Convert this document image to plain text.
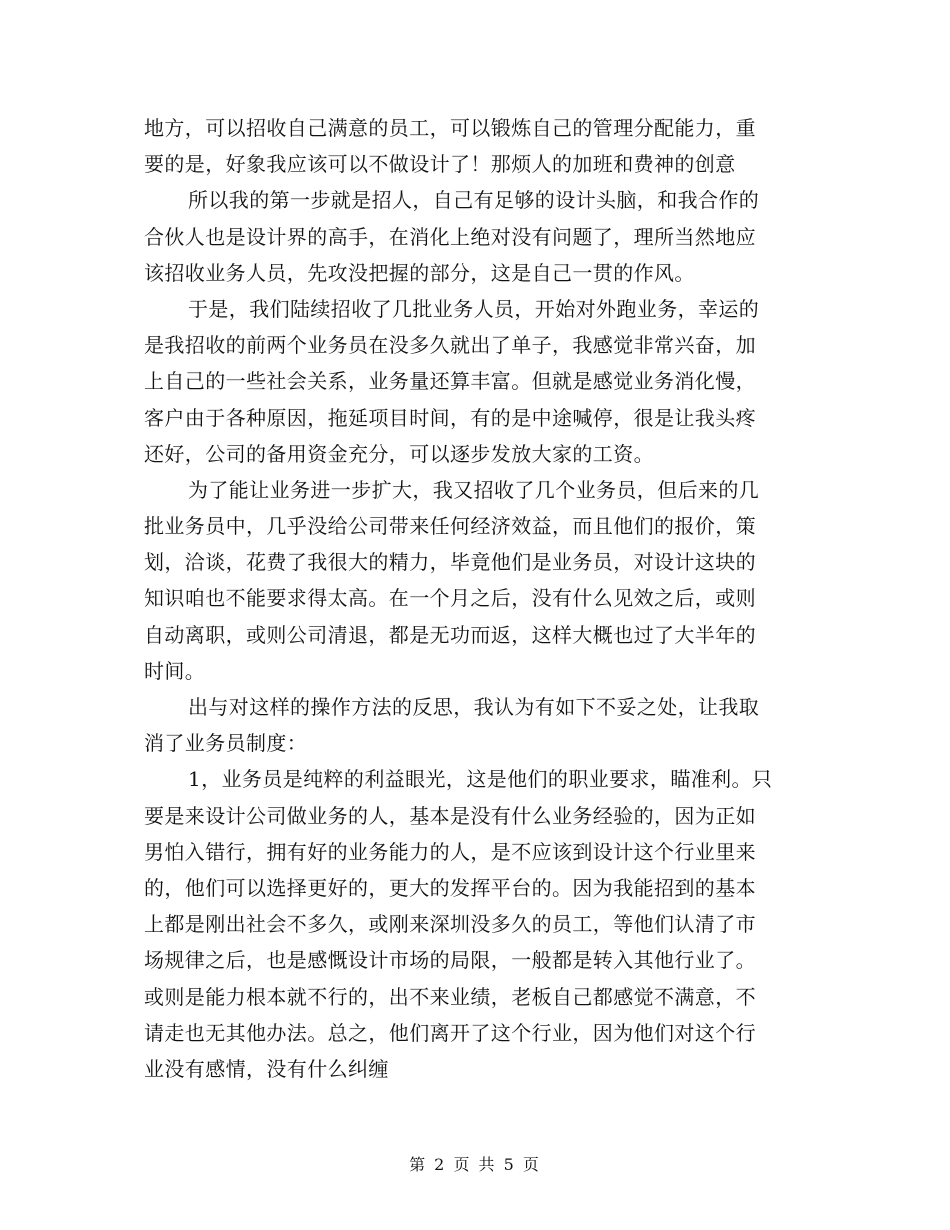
地方，可以招收自己满意的员工，可以锻炼自己的管理分配能力，重
要的是，好象我应该可以不做设计了！那烦人的加班和费神的创意
所以我的第一步就是招人，自己有足够的设计头脑，和我合作的
合伙人也是设计界的高手，在消化上绝对没有问题了，理所当然地应
该招收业务人员，先攻没把握的部分，这是自己一贯的作风。
于是，我们陆续招收了几批业务人员，开始对外跑业务，幸运的
是我招收的前两个业务员在没多久就出了单子，我感觉非常兴奋，加
上自己的一些社会关系，业务量还算丰富。但就是感觉业务消化慢，
客户由于各种原因，拖延项目时间，有的是中途喊停，很是让我头疼
还好，公司的备用资金充分，可以逐步发放大家的工资。
为了能让业务进一步扩大，我又招收了几个业务员，但后来的几
批业务员中，几乎没给公司带来任何经济效益，而且他们的报价，策
划，洽谈，花费了我很大的精力，毕竟他们是业务员，对设计这块的
知识咱也不能要求得太高。在一个月之后，没有什么见效之后，或则
自动离职，或则公司清退，都是无功而返，这样大概也过了大半年的
时间。
出与对这样的操作方法的反思，我认为有如下不妥之处，让我取
消了业务员制度：
1，业务员是纯粹的利益眼光，这是他们的职业要求，瞄准利。只
要是来设计公司做业务的人，基本是没有什么业务经验的，因为正如
男怕入错行，拥有好的业务能力的人，是不应该到设计这个行业里来
的，他们可以选择更好的，更大的发挥平台的。因为我能招到的基本
上都是刚出社会不多久，或刚来深圳没多久的员工，等他们认清了市
场规律之后，也是感慨设计市场的局限，一般都是转入其他行业了。
或则是能力根本就不行的，出不来业绩，老板自己都感觉不满意，不
请走也无其他办法。总之，他们离开了这个行业，因为他们对这个行
业没有感情，没有什么纠缠
第 2 页 共 5 页
